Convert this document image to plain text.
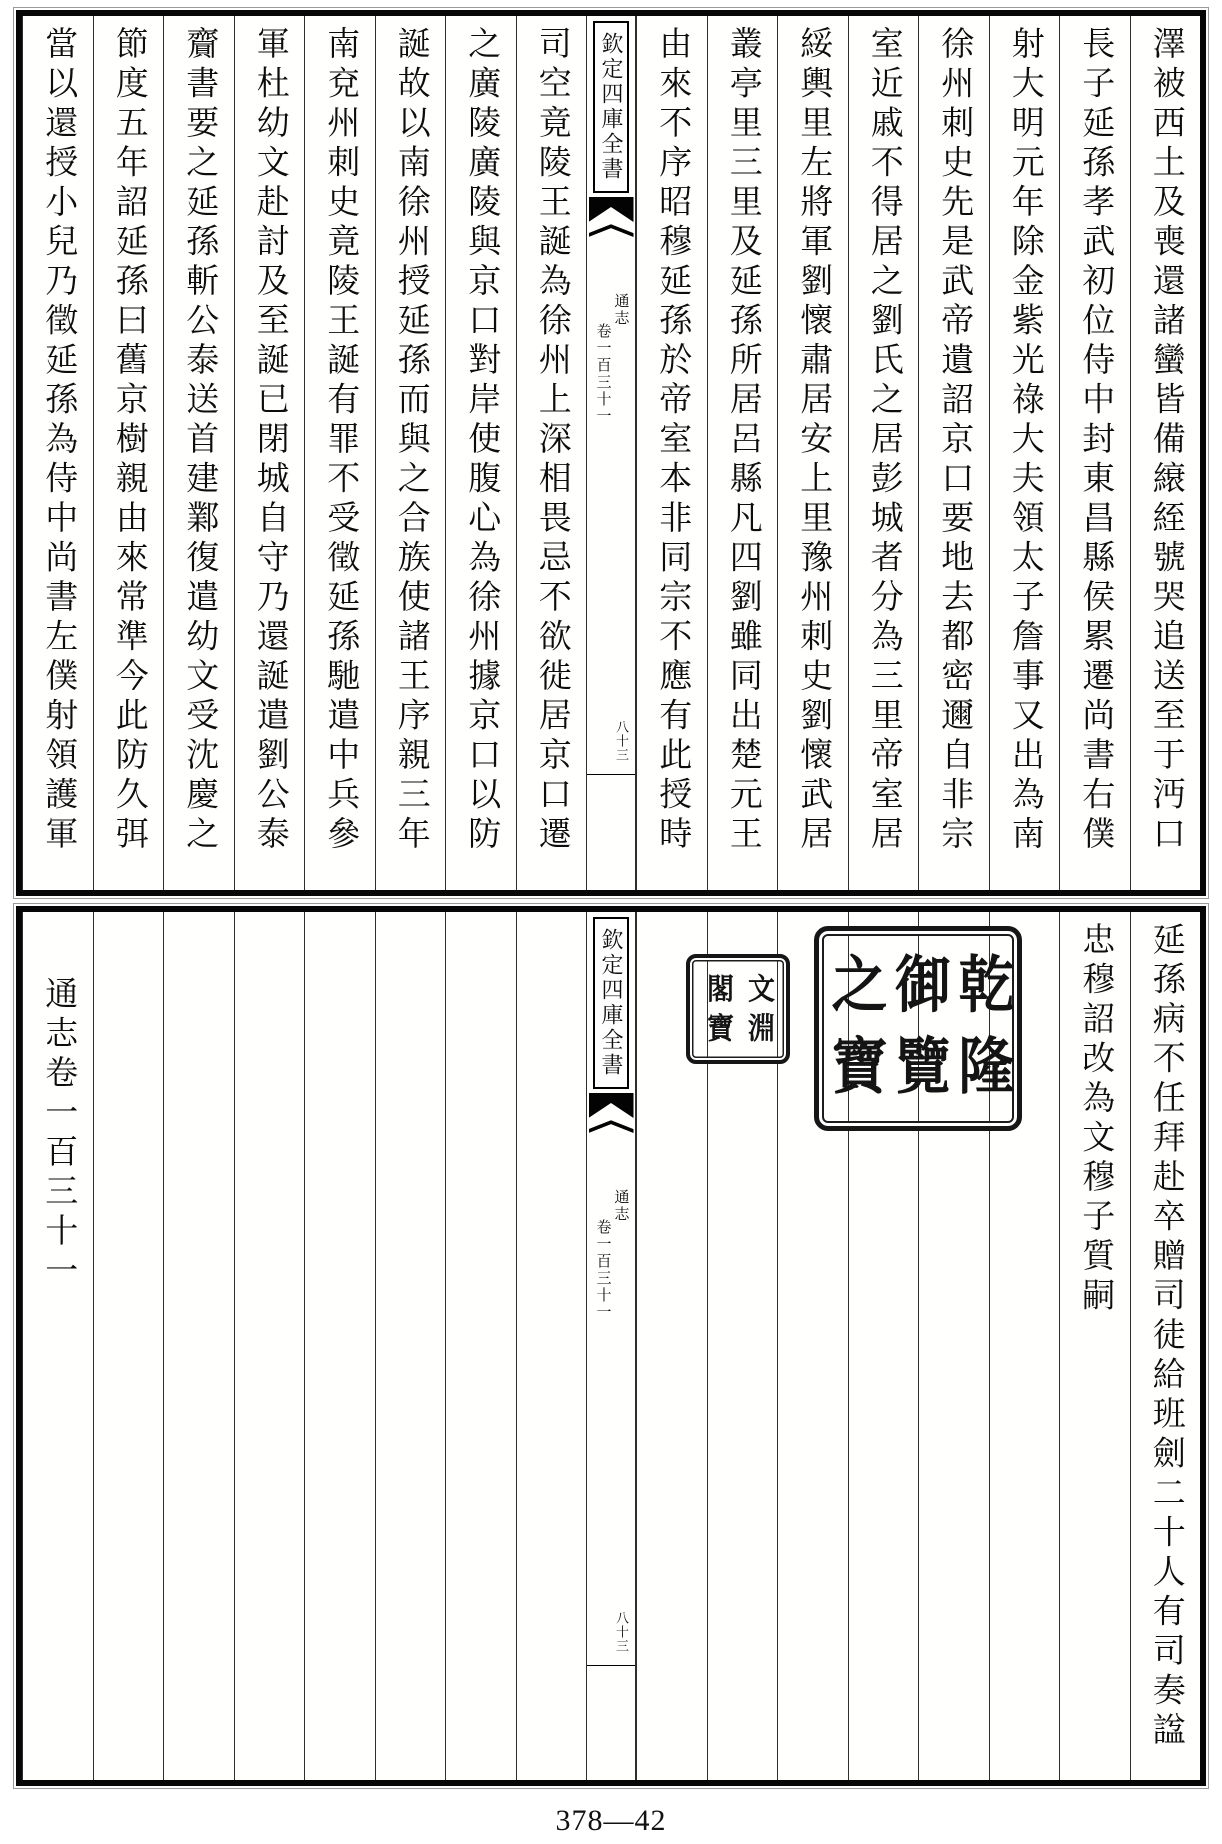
澤被西土及喪還諸蠻皆備縗絰號哭追送至于沔口
長子延孫孝武初位侍中封東昌縣侯累遷尚書右僕
射大明元年除金紫光祿大夫領太子詹事又出為南
徐州刺史先是武帝遺詔京口要地去都密邇自非宗
室近戚不得居之劉氏之居彭城者分為三里帝室居
綏輿里左將軍劉懷肅居安上里豫州刺史劉懷武居
叢亭里三里及延孫所居呂縣凡四劉雖同出楚元王
由來不序昭穆延孫於帝室本非同宗不應有此授時
欽定四庫全書
通志
卷一百三十一
八十三
司空竟陵王誕為徐州上深相畏忌不欲徙居京口遷
之廣陵廣陵與京口對岸使腹心為徐州據京口以防
誕故以南徐州授延孫而與之合族使諸王序親三年
南兗州刺史竟陵王誕有罪不受徵延孫馳遣中兵參
軍杜幼文赴討及至誕已閉城自守乃還誕遣劉公泰
齎書要之延孫斬公泰送首建鄴復遣幼文受沈慶之
節度五年詔延孫曰舊京樹親由來常準今此防久弭
當以還授小兒乃徵延孫為侍中尚書左僕射領護軍
延孫病不任拜赴卒贈司徒給班劍二十人有司奏諡
忠穆詔改為文穆子質嗣
欽定四庫全書
通志
卷一百三十一
八十三
通志卷一百三十一	乾隆
御覽
之寶
文淵
閣寶
378—42
